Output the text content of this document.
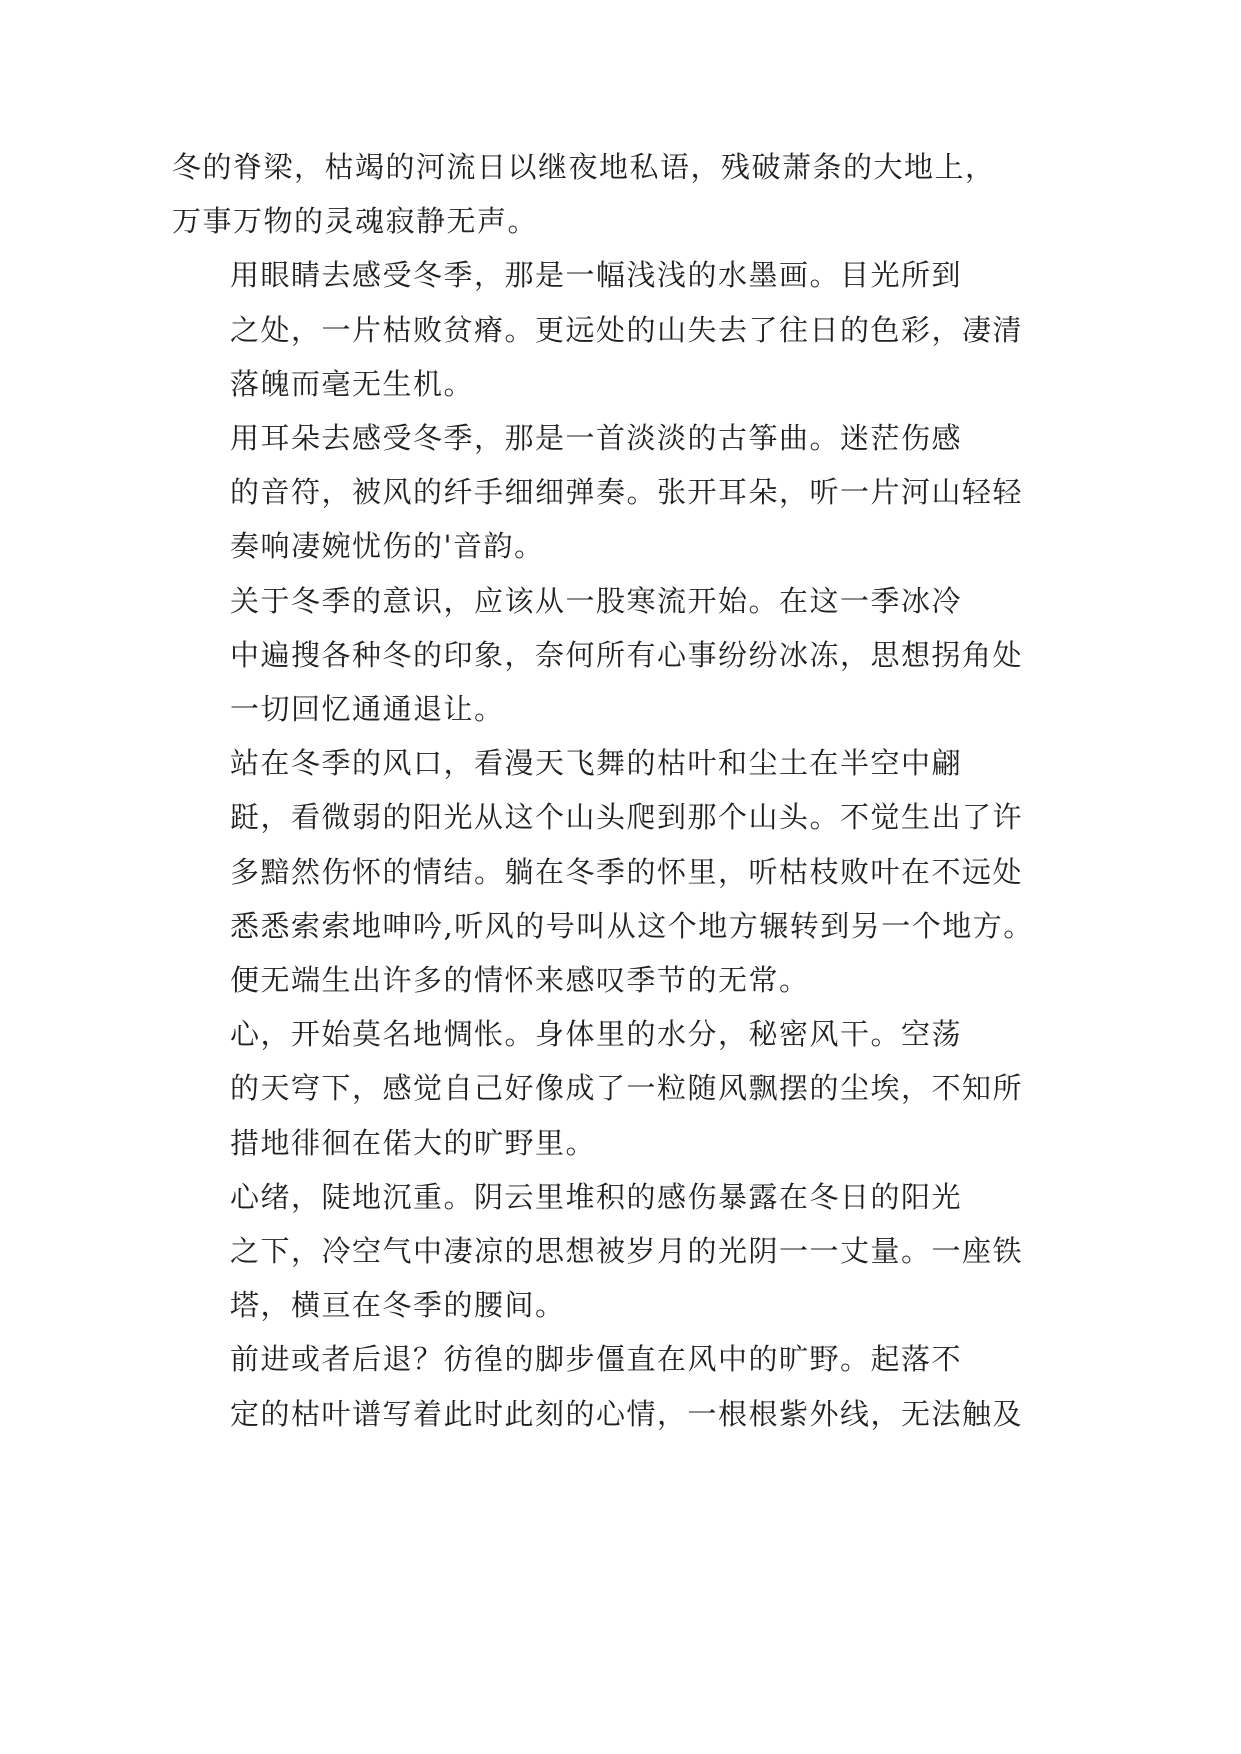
冬的脊梁，枯竭的河流日以继夜地私语，残破萧条的大地上，
万事万物的灵魂寂静无声。

用眼睛去感受冬季，那是一幅浅浅的水墨画。目光所到
之处，一片枯败贫瘠。更远处的山失去了往日的色彩，凄清
落魄而毫无生机。

用耳朵去感受冬季，那是一首淡淡的古筝曲。迷茫伤感
的音符，被风的纤手细细弹奏。张开耳朵，听一片河山轻轻
奏响凄婉忧伤的'音韵。

关于冬季的意识，应该从一股寒流开始。在这一季冰冷
中遍搜各种冬的印象，奈何所有心事纷纷冰冻，思想拐角处
一切回忆通通退让。

站在冬季的风口，看漫天飞舞的枯叶和尘土在半空中翩
跹，看微弱的阳光从这个山头爬到那个山头。不觉生出了许
多黯然伤怀的情结。躺在冬季的怀里，听枯枝败叶在不远处
悉悉索索地呻吟,听风的号叫从这个地方辗转到另一个地方。
便无端生出许多的情怀来感叹季节的无常。

心，开始莫名地惆怅。身体里的水分，秘密风干。空荡
的天穹下，感觉自己好像成了一粒随风飘摆的尘埃，不知所
措地徘徊在偌大的旷野里。

心绪，陡地沉重。阴云里堆积的感伤暴露在冬日的阳光
之下，冷空气中凄凉的思想被岁月的光阴一一丈量。一座铁
塔，横亘在冬季的腰间。

前进或者后退？彷徨的脚步僵直在风中的旷野。起落不
定的枯叶谱写着此时此刻的心情，一根根紫外线，无法触及
